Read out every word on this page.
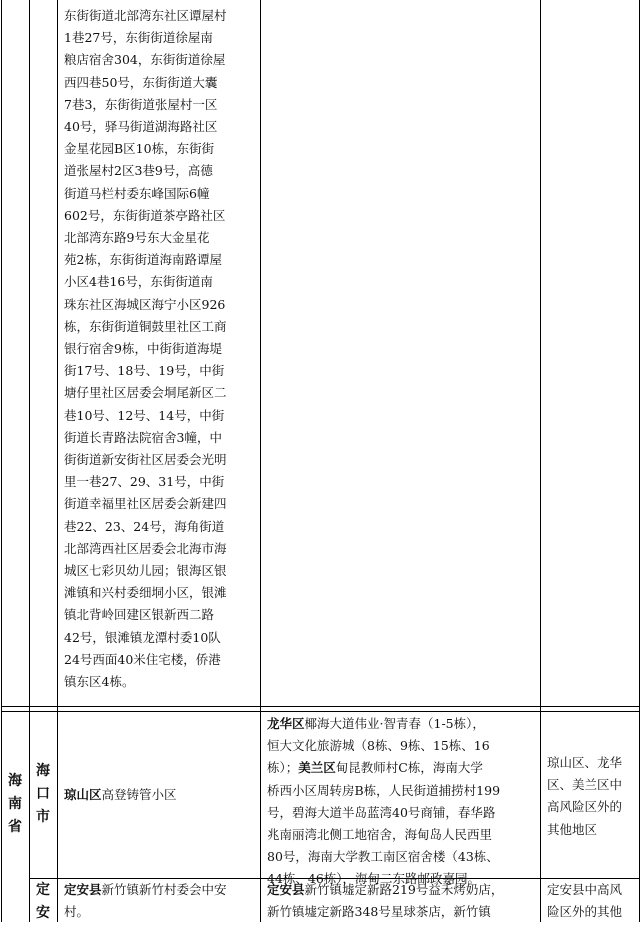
东街街道北部湾东社区谭屋村
1巷27号，东街街道徐屋南
粮店宿舍304，东街街道徐屋
西四巷50号，东街街道大囊
7巷3，东街街道张屋村一区
40号，驿马街道湖海路社区
金星花园B区10栋，东街街
道张屋村2区3巷9号，高德
街道马栏村委东峰国际6幢
602号，东街街道茶亭路社区
北部湾东路9号东大金星花
苑2栋，东街街道海南路谭屋
小区4巷16号，东街街道南
珠东社区海城区海宁小区926
栋，东街街道铜鼓里社区工商
银行宿舍9栋，中街街道海堤
街17号、18号、19号，中街
塘仔里社区居委会垌尾新区二
巷10号、12号、14号，中街
街道长青路法院宿舍3幢，中
街街道新安街社区居委会光明
里一巷27、29、31号，中街
街道幸福里社区居委会新建四
巷22、23、24号，海角街道
北部湾西社区居委会北海市海
城区七彩贝幼儿园；银海区银
滩镇和兴村委细垌小区，银滩
镇北背岭回建区银新西二路
42号，银滩镇龙潭村委10队
24号西面40米住宅楼，侨港
镇东区4栋。
海
南
省
海
口
市
琼山区高登铸管小区
龙华区椰海大道伟业·智青春（1-5栋），
恒大文化旅游城（8栋、9栋、15栋、16
栋）；美兰区甸昆教师村C栋，海南大学
桥西小区周转房B栋，人民街道捕捞村199
号，碧海大道半岛蓝湾40号商铺，春华路
兆南丽湾北侧工地宿舍，海甸岛人民西里
80号，海南大学教工南区宿舍楼（43栋、
44栋、46栋），海甸二东路邮政嘉园。
琼山区、龙华
区、美兰区中
高风险区外的
其他地区
定
安
定安县新竹镇新竹村委会中安
村。
定安县新竹镇墟定新路219号益禾烤奶店，
新竹镇墟定新路348号星球茶店，新竹镇
定安县中高风
险区外的其他
